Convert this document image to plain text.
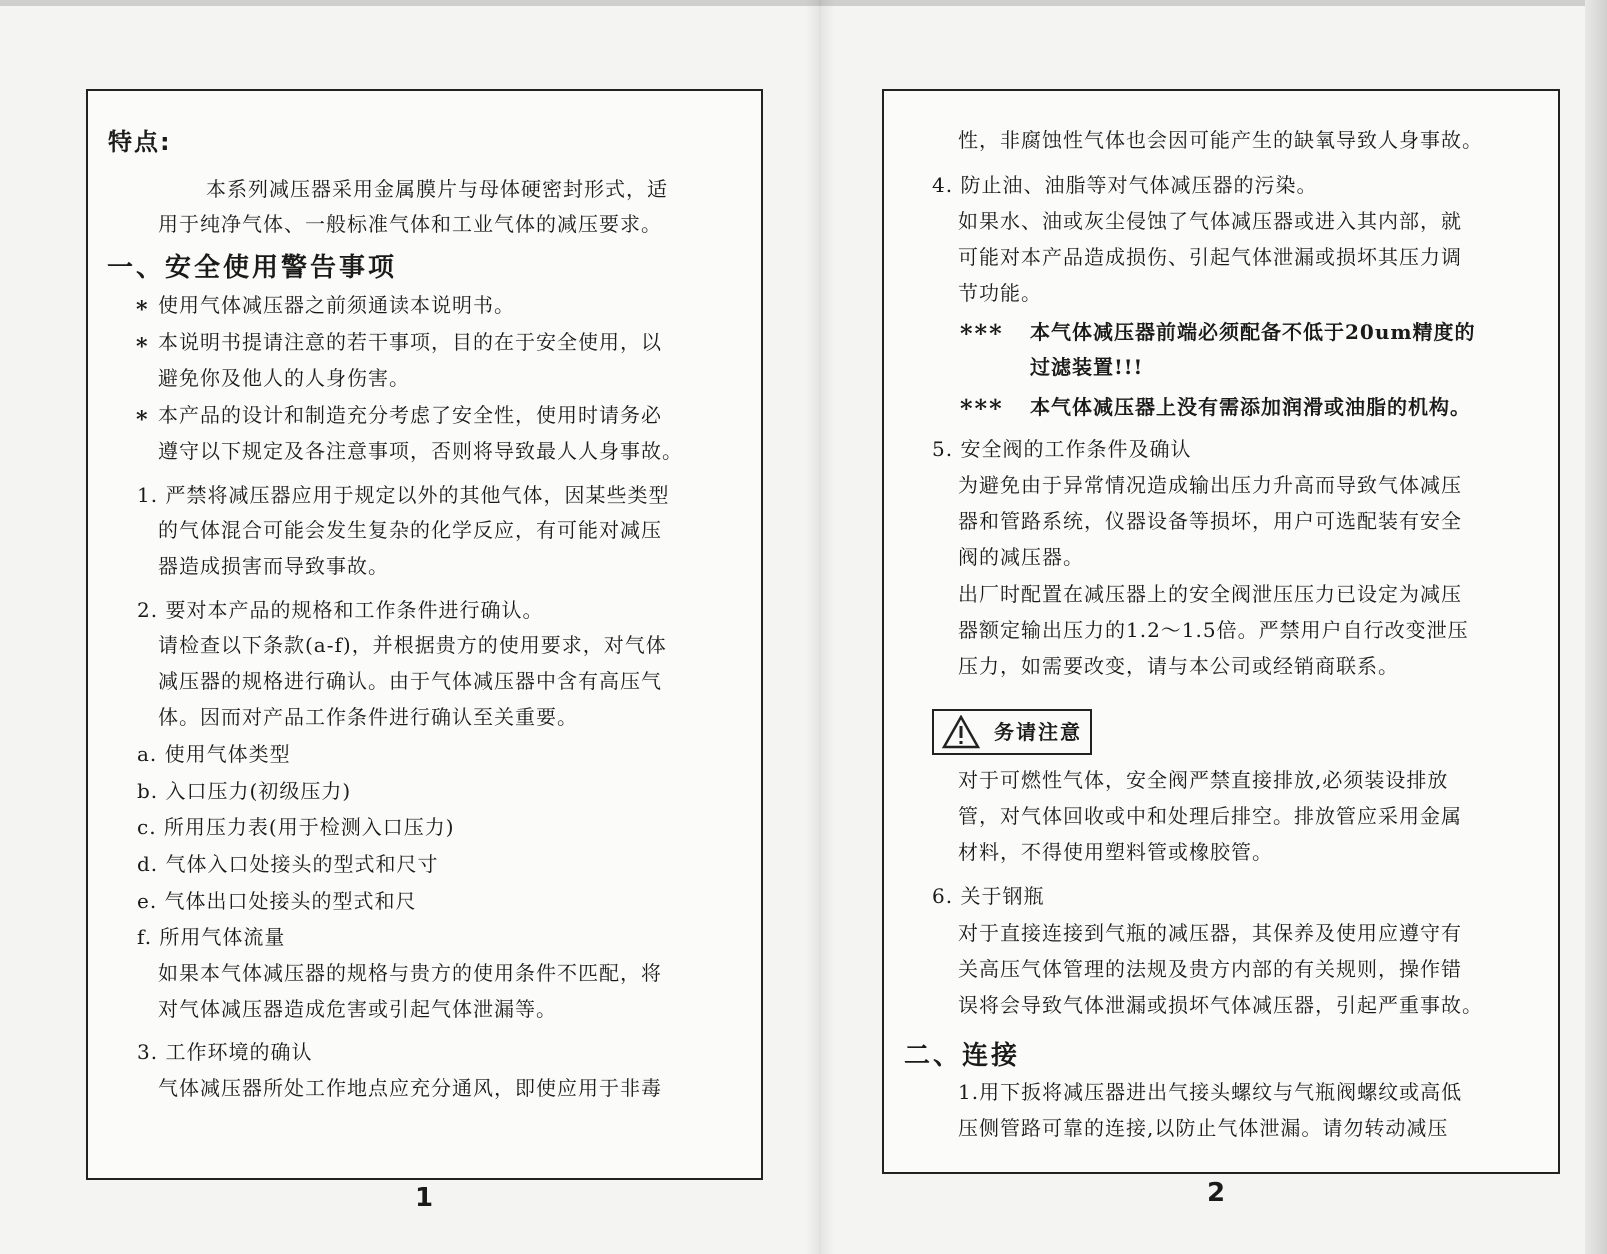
特点:
本系列减压器采用金属膜片与母体硬密封形式，适
用于纯净气体、一般标准气体和工业气体的减压要求。
一、安全使用警告事项
* 使用气体减压器之前须通读本说明书。
* 本说明书提请注意的若干事项，目的在于安全使用，以
避免你及他人的人身伤害。
* 本产品的设计和制造充分考虑了安全性，使用时请务必
遵守以下规定及各注意事项，否则将导致最人人身事故。
1. 严禁将减压器应用于规定以外的其他气体，因某些类型
的气体混合可能会发生复杂的化学反应，有可能对减压
器造成损害而导致事故。
2. 要对本产品的规格和工作条件进行确认。
请检查以下条款(a-f)，并根据贵方的使用要求，对气体
减压器的规格进行确认。由于气体减压器中含有高压气
体。因而对产品工作条件进行确认至关重要。
a. 使用气体类型
b. 入口压力(初级压力)
c. 所用压力表(用于检测入口压力)
d. 气体入口处接头的型式和尺寸
e. 气体出口处接头的型式和尺
f. 所用气体流量
如果本气体减压器的规格与贵方的使用条件不匹配，将
对气体减压器造成危害或引起气体泄漏等。
3. 工作环境的确认
气体减压器所处工作地点应充分通风，即使应用于非毒
1
性，非腐蚀性气体也会因可能产生的缺氧导致人身事故。
4. 防止油、油脂等对气体减压器的污染。
如果水、油或灰尘侵蚀了气体减压器或进入其内部，就
可能对本产品造成损伤、引起气体泄漏或损坏其压力调
节功能。
*** 本气体减压器前端必须配备不低于20um精度的
过滤装置!!!
*** 本气体减压器上没有需添加润滑或油脂的机构。
5. 安全阀的工作条件及确认
为避免由于异常情况造成输出压力升高而导致气体减压
器和管路系统，仪器设备等损坏，用户可选配装有安全
阀的减压器。
出厂时配置在减压器上的安全阀泄压压力已设定为减压
器额定输出压力的1.2～1.5倍。严禁用户自行改变泄压
压力，如需要改变，请与本公司或经销商联系。
务请注意
对于可燃性气体，安全阀严禁直接排放,必须装设排放
管，对气体回收或中和处理后排空。排放管应采用金属
材料，不得使用塑料管或橡胶管。
6. 关于钢瓶
对于直接连接到气瓶的减压器，其保养及使用应遵守有
关高压气体管理的法规及贵方内部的有关规则，操作错
误将会导致气体泄漏或损坏气体减压器，引起严重事故。
二、连接
1.用下扳将减压器进出气接头螺纹与气瓶阀螺纹或高低
压侧管路可靠的连接,以防止气体泄漏。请勿转动减压
2
